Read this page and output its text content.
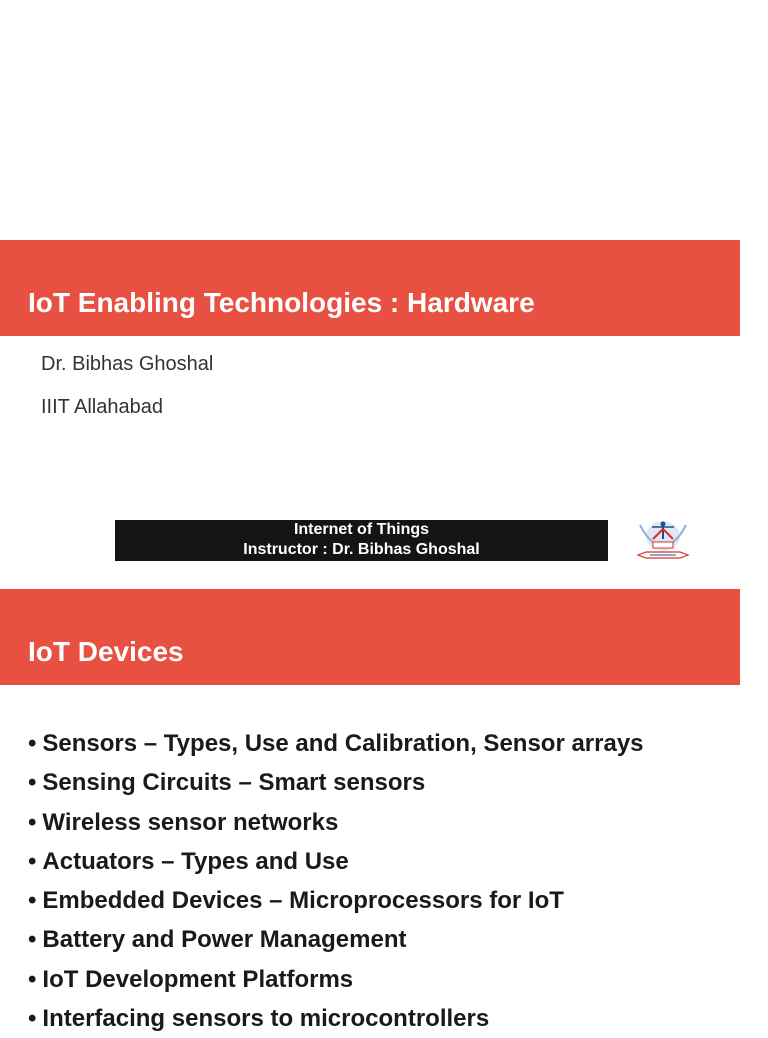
IoT Enabling Technologies : Hardware
Dr. Bibhas Ghoshal
IIIT Allahabad
Internet of Things
Instructor : Dr. Bibhas Ghoshal
IoT Devices
• Sensors – Types, Use and Calibration, Sensor arrays
• Sensing Circuits – Smart sensors
• Wireless sensor networks
• Actuators – Types and Use
• Embedded Devices – Microprocessors for IoT
• Battery and Power Management
• IoT Development Platforms
• Interfacing sensors to microcontrollers
